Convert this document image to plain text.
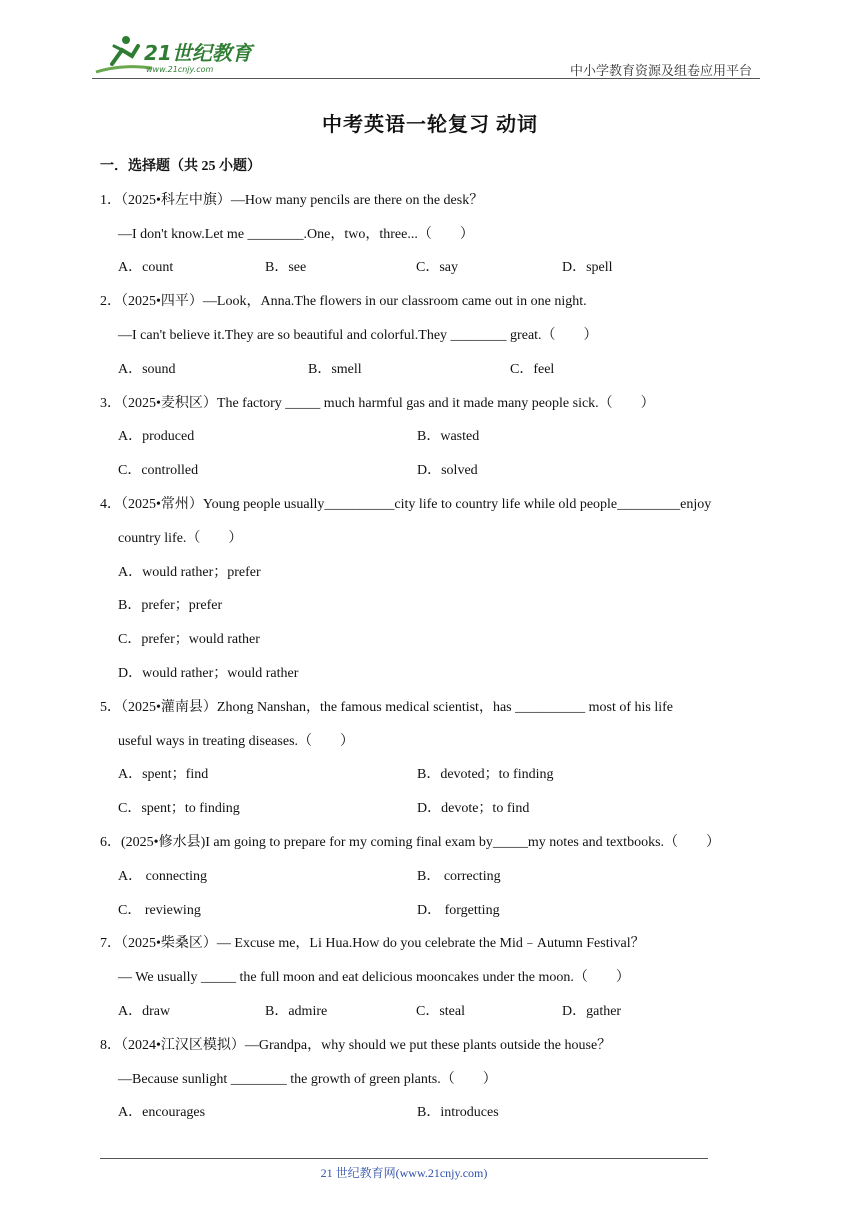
21世纪教育
www.21cnjy.com	中小学教育资源及组卷应用平台
中考英语一轮复习 动词
一．选择题（共 25 小题）
1．（2025•科左中旗）—How many pencils are there on the desk？
—I don't know.Let me ________.One，two，three...（　　）
A．count	B．see	C．say	D．spell
2．（2025•四平）—Look，Anna.The flowers in our classroom came out in one night.
—I can't believe it.They are so beautiful and colorful.They ________ great.（　　）
A．sound	B．smell	C．feel
3．（2025•麦积区）The factory _____ much harmful gas and it made many people sick.（　　）
A．produced	B．wasted
C．controlled	D．solved
4．（2025•常州）Young people usually__________city life to country life while old people_________enjoy
country life.（　　）
A．would rather；prefer
B．prefer；prefer
C．prefer；would rather
D．would rather；would rather
5．（2025•灌南县）Zhong Nanshan，the famous medical scientist，has __________ most of his life
useful ways in treating diseases.（　　）
A．spent；find	B．devoted；to finding
C．spent；to finding	D．devote；to find
6．(2025•修水县)I am going to prepare for my coming final exam by_____my notes and textbooks.（　　）
A． connecting	B． correcting
C． reviewing	D． forgetting
7．（2025•柴桑区）— Excuse me，Li Hua.How do you celebrate the Mid﹣Autumn Festival？
— We usually _____ the full moon and eat delicious mooncakes under the moon.（　　）
A．draw	B．admire	C．steal	D．gather
8．（2024•江汉区模拟）—Grandpa，why should we put these plants outside the house？
—Because sunlight ________ the growth of green plants.（　　）
A．encourages	B．introduces
21 世纪教育网(www.21cnjy.com)
